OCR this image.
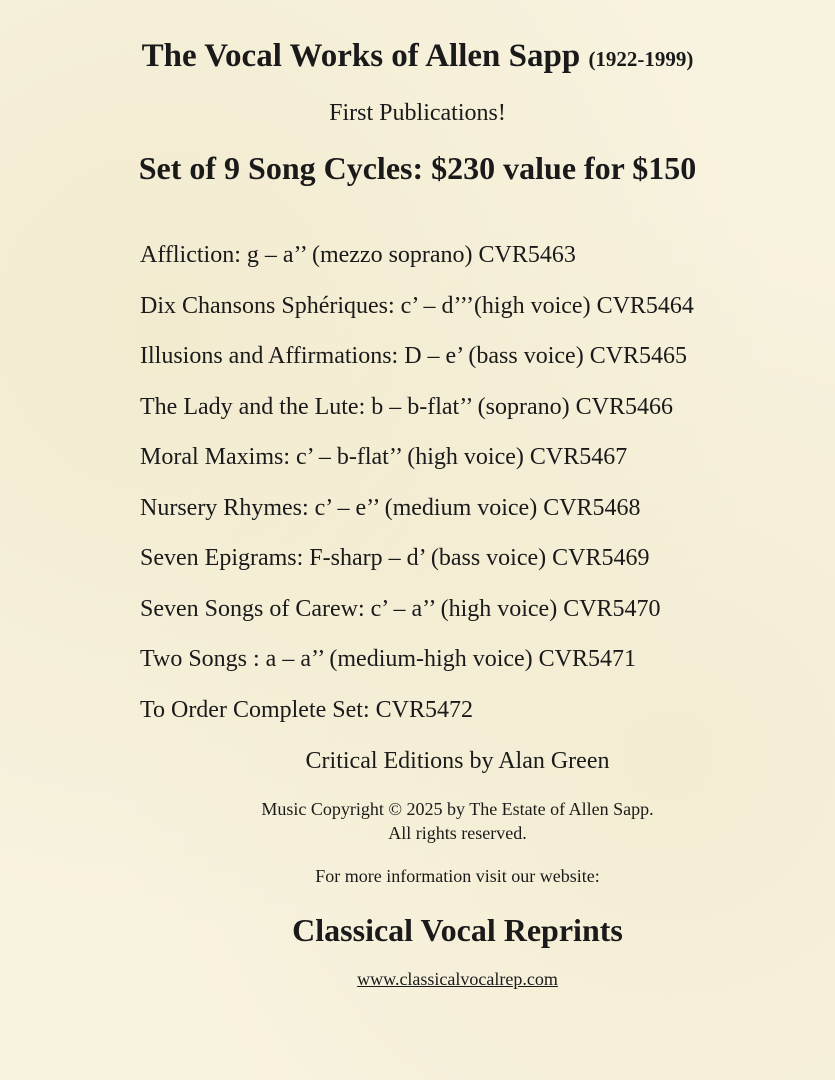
The Vocal Works of Allen Sapp (1922-1999)
First Publications!
Set of 9 Song Cycles: $230 value for $150
Affliction: g – a’’ (mezzo soprano) CVR5463
Dix Chansons Sphériques: c’ – d’’’(high voice) CVR5464
Illusions and Affirmations: D – e’ (bass voice) CVR5465
The Lady and the Lute: b – b-flat’’ (soprano) CVR5466
Moral Maxims: c’ – b-flat’’ (high voice) CVR5467
Nursery Rhymes: c’ – e’’ (medium voice) CVR5468
Seven Epigrams: F-sharp – d’ (bass voice) CVR5469
Seven Songs of Carew: c’ – a’’ (high voice) CVR5470
Two Songs : a – a’’ (medium-high voice) CVR5471
To Order Complete Set: CVR5472
Critical Editions by Alan Green
Music Copyright © 2025 by The Estate of Allen Sapp.
All rights reserved.
For more information visit our website:
Classical Vocal Reprints
www.classicalvocalrep.com
